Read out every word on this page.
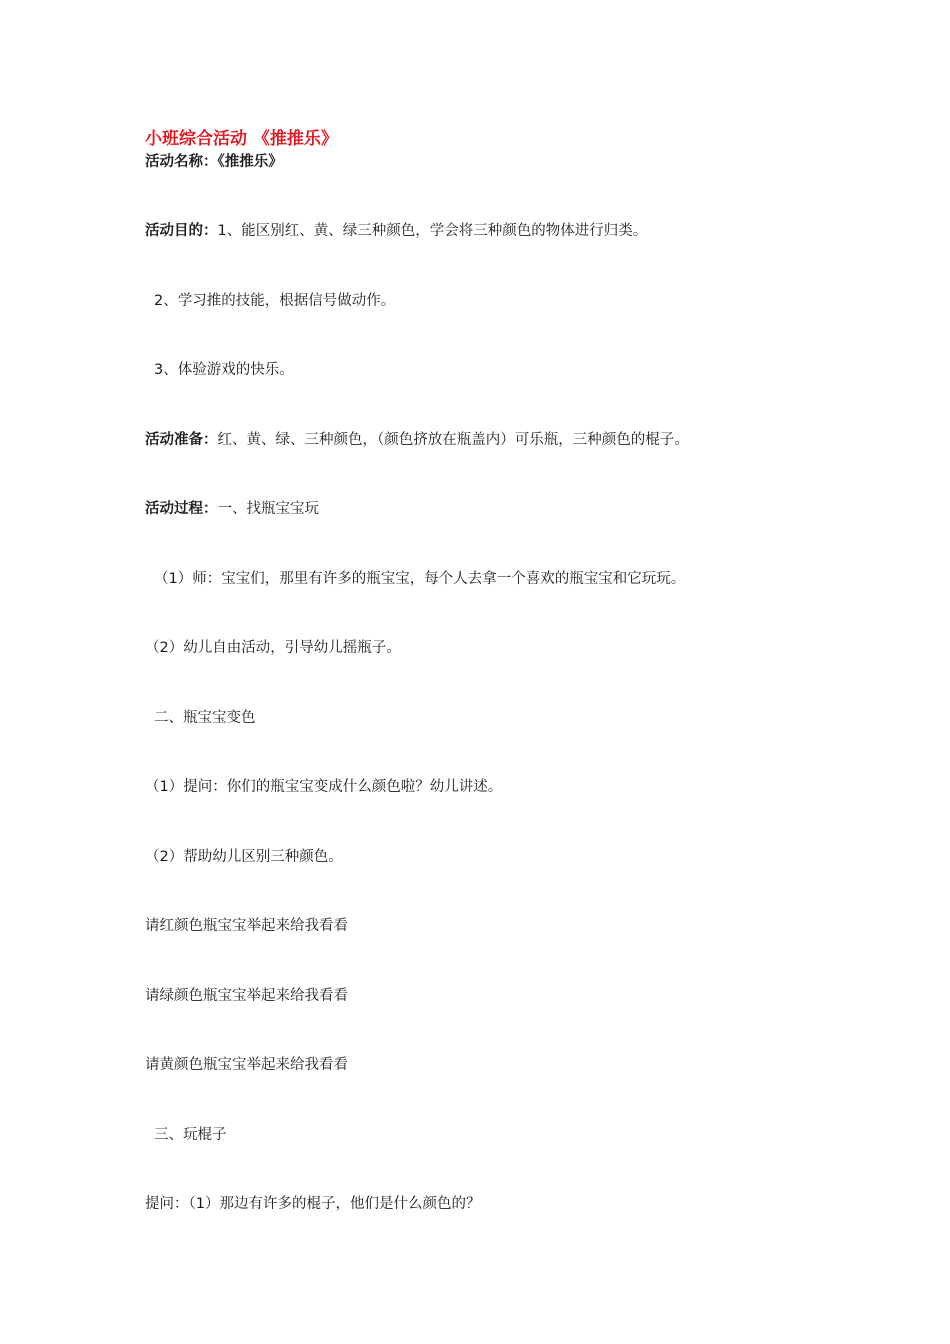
小班综合活动 《推推乐》
活动名称：《推推乐》
活动目的：1、能区别红、黄、绿三种颜色，学会将三种颜色的物体进行归类。
2、学习推的技能，根据信号做动作。
3、体验游戏的快乐。
活动准备：红、黄、绿、三种颜色，（颜色挤放在瓶盖内）可乐瓶，三种颜色的棍子。
活动过程：一、找瓶宝宝玩
（1）师：宝宝们，那里有许多的瓶宝宝，每个人去拿一个喜欢的瓶宝宝和它玩玩。
（2）幼儿自由活动，引导幼儿摇瓶子。
二、瓶宝宝变色
（1）提问：你们的瓶宝宝变成什么颜色啦？幼儿讲述。
（2）帮助幼儿区别三种颜色。
请红颜色瓶宝宝举起来给我看看
请绿颜色瓶宝宝举起来给我看看
请黄颜色瓶宝宝举起来给我看看
三、玩棍子
提问：（1）那边有许多的棍子，他们是什么颜色的？
